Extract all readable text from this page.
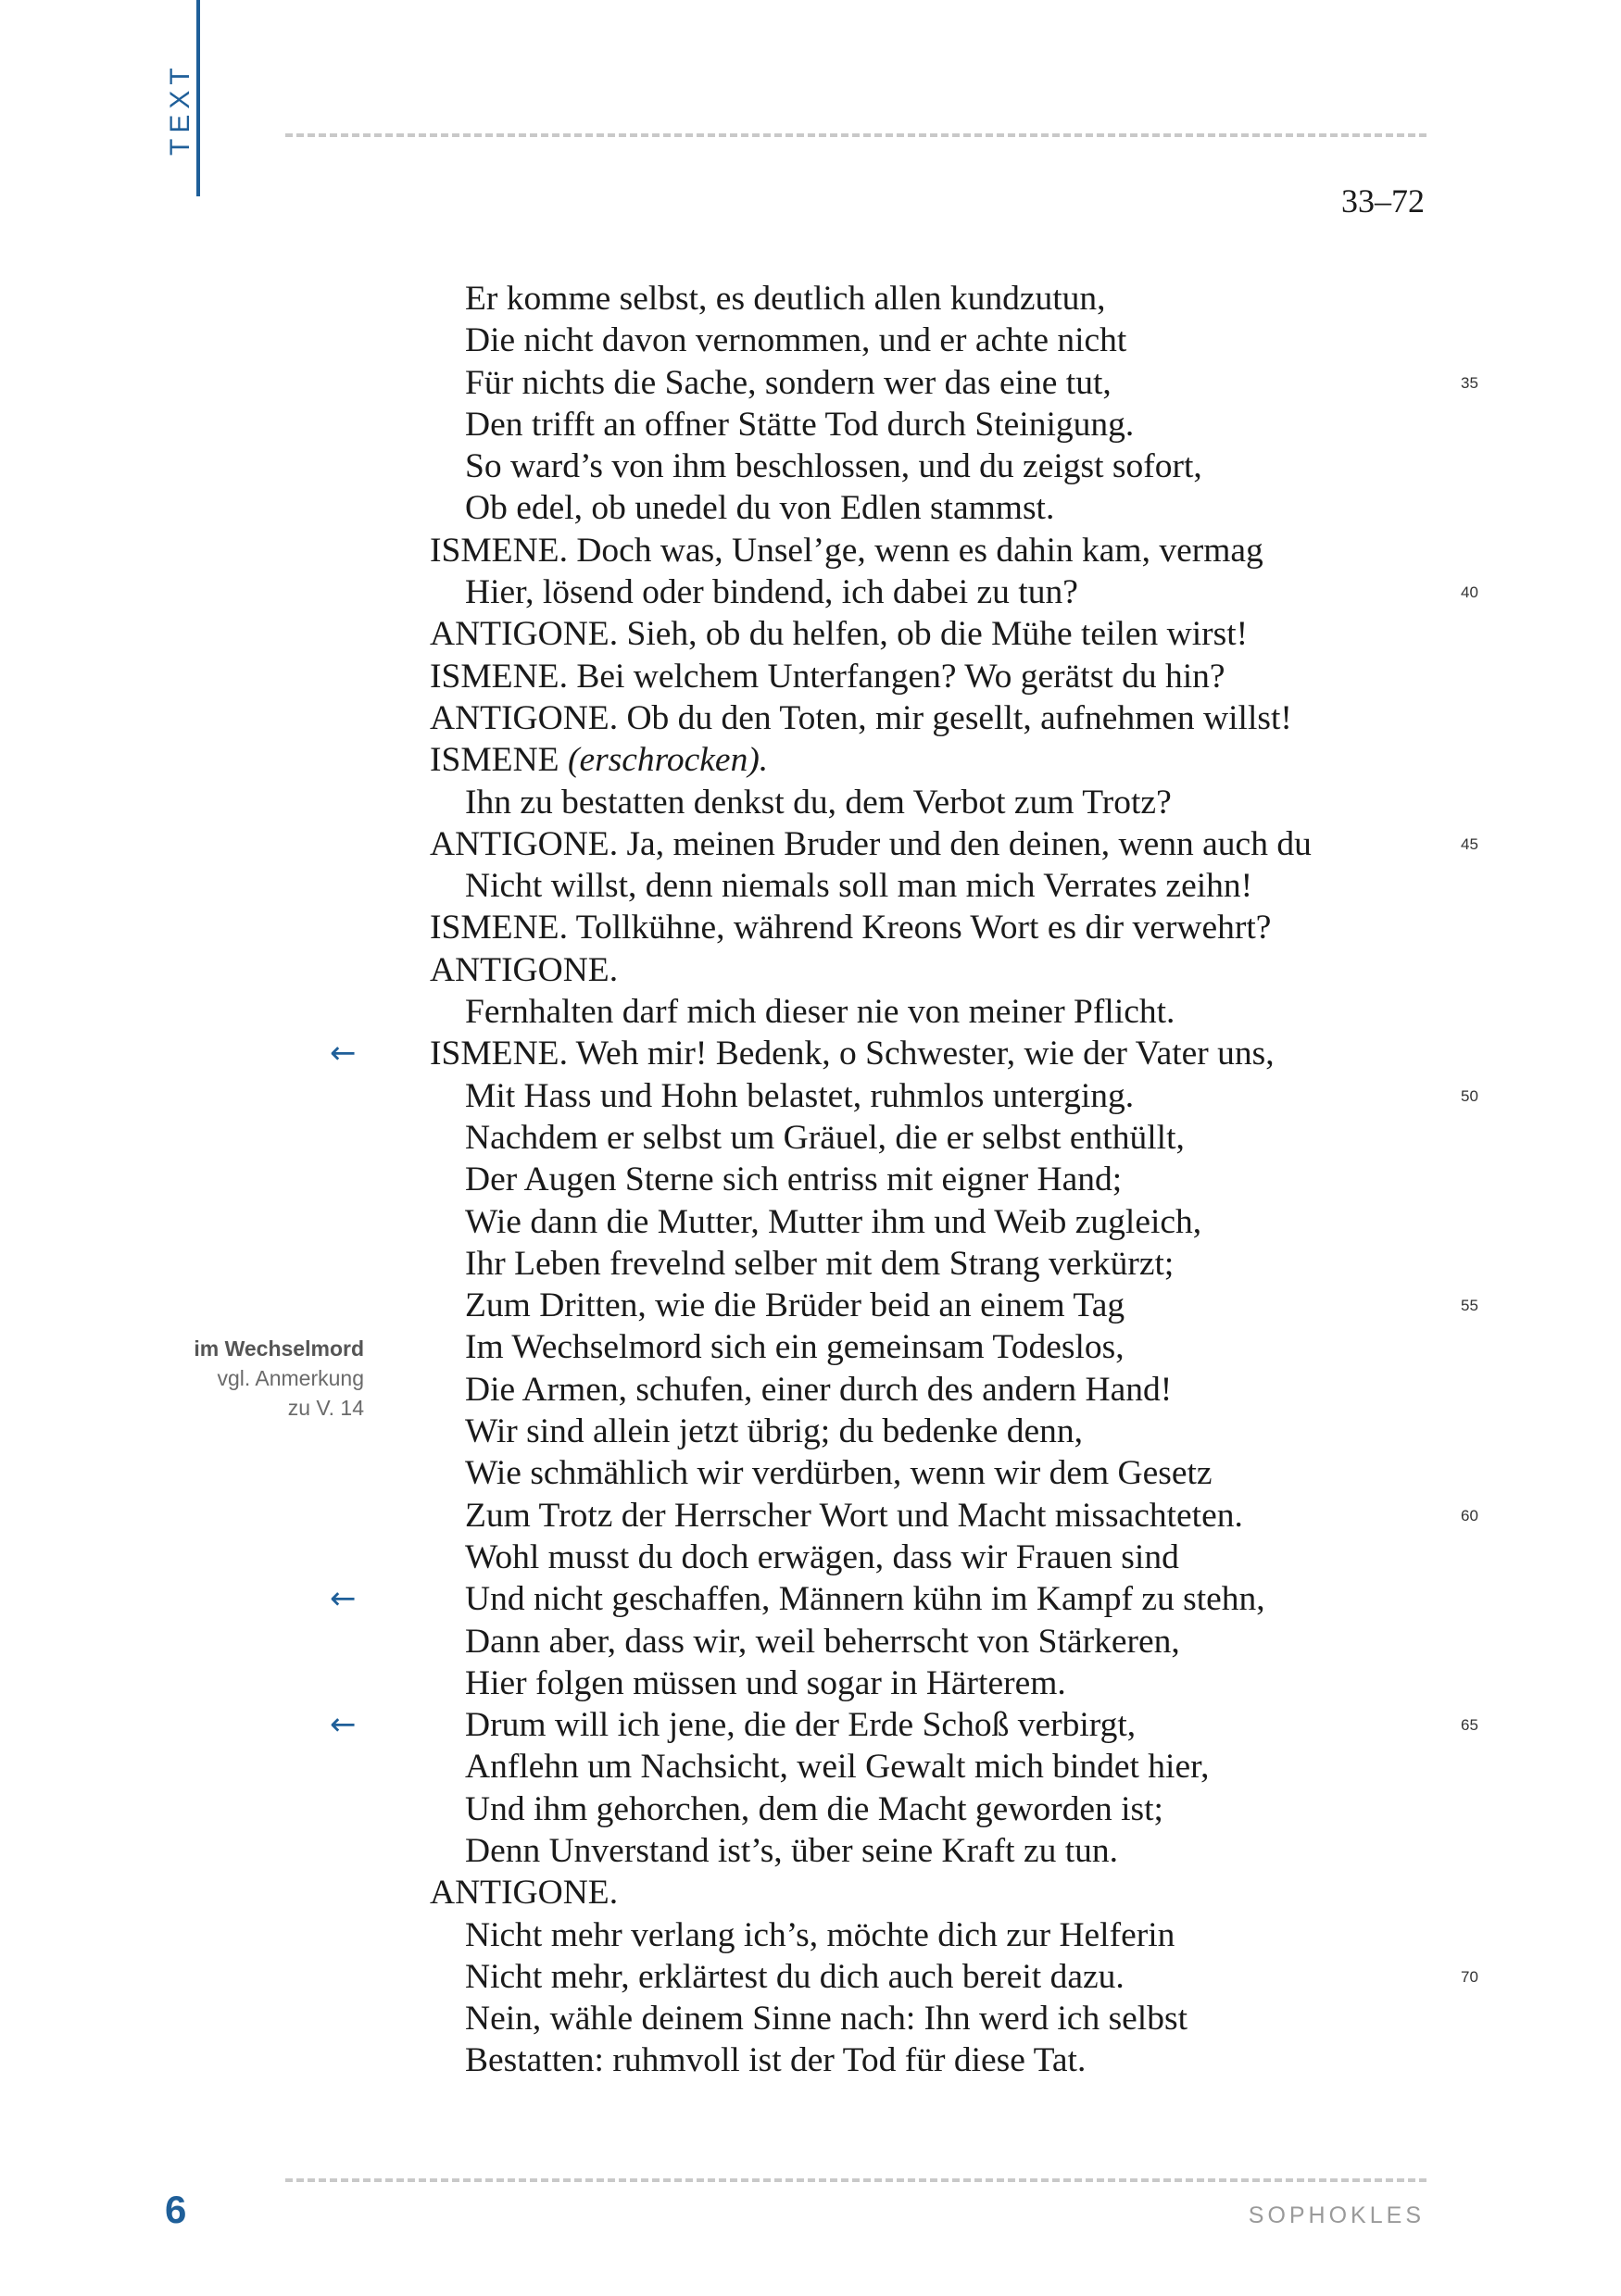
TEXT
33–72
Er komme selbst, es deutlich allen kundzutun,
Die nicht davon vernommen, und er achte nicht
Für nichts die Sache, sondern wer das eine tut,	35
Den trifft an offner Stätte Tod durch Steinigung.
So ward’s von ihm beschlossen, und du zeigst sofort,
Ob edel, ob unedel du von Edlen stammst.
ISMENE. Doch was, Unsel’ge, wenn es dahin kam, vermag
Hier, lösend oder bindend, ich dabei zu tun?	40
ANTIGONE. Sieh, ob du helfen, ob die Mühe teilen wirst!
ISMENE. Bei welchem Unterfangen? Wo gerätst du hin?
ANTIGONE. Ob du den Toten, mir gesellt, aufnehmen willst!
ISMENE (erschrocken).
Ihn zu bestatten denkst du, dem Verbot zum Trotz?
ANTIGONE. Ja, meinen Bruder und den deinen, wenn auch du	45
Nicht willst, denn niemals soll man mich Verrates zeihn!
ISMENE. Tollkühne, während Kreons Wort es dir verwehrt?
ANTIGONE.
Fernhalten darf mich dieser nie von meiner Pflicht.
ISMENE. Weh mir! Bedenk, o Schwester, wie der Vater uns,
Mit Hass und Hohn belastet, ruhmlos unterging.	50
Nachdem er selbst um Gräuel, die er selbst enthüllt,
Der Augen Sterne sich entriss mit eigner Hand;
Wie dann die Mutter, Mutter ihm und Weib zugleich,
Ihr Leben frevelnd selber mit dem Strang verkürzt;
Zum Dritten, wie die Brüder beid an einem Tag	55
Im Wechselmord sich ein gemeinsam Todeslos,
Die Armen, schufen, einer durch des andern Hand!
Wir sind allein jetzt übrig; du bedenke denn,
Wie schmählich wir verdürben, wenn wir dem Gesetz
Zum Trotz der Herrscher Wort und Macht missachteten.	60
Wohl musst du doch erwägen, dass wir Frauen sind
Und nicht geschaffen, Männern kühn im Kampf zu stehn,
Dann aber, dass wir, weil beherrscht von Stärkeren,
Hier folgen müssen und sogar in Härterem.
Drum will ich jene, die der Erde Schoß verbirgt,	65
Anflehn um Nachsicht, weil Gewalt mich bindet hier,
Und ihm gehorchen, dem die Macht geworden ist;
Denn Unverstand ist’s, über seine Kraft zu tun.
ANTIGONE.
Nicht mehr verlang ich’s, möchte dich zur Helferin
Nicht mehr, erklärtest du dich auch bereit dazu.	70
Nein, wähle deinem Sinne nach: Ihn werd ich selbst
Bestatten: ruhmvoll ist der Tod für diese Tat.
←
←
←
im Wechselmord
vgl. Anmerkung
zu V. 14
6	SOPHOKLES
